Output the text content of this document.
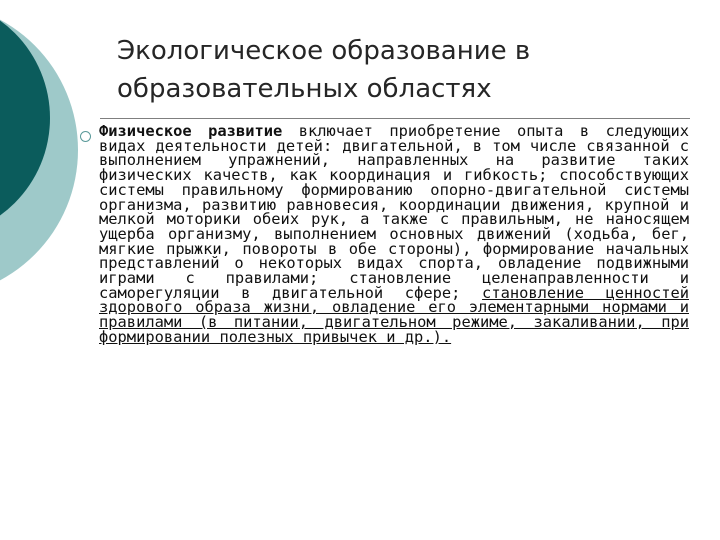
Экологическое образование в
образовательных областях
Физическое развитие включает приобретение опыта в следующих видах деятельности детей: двигательной, в том числе связанной с выполнением упражнений, направленных на развитие таких физических качеств, как координация и гибкость; способствующих системы правильному формированию опорно-двигательной системы организма, развитию равновесия, координации движения, крупной и мелкой моторики обеих рук, а также с правильным, не наносящем ущерба организму, выполнением основных движений (ходьба, бег, мягкие прыжки, повороты в обе стороны), формирование начальных представлений о некоторых видах спорта, овладение подвижными играми с правилами; становление целенаправленности и саморегуляции в двигательной сфере; становление ценностей здорового образа жизни, овладение его элементарными нормами и правилами (в питании, двигательном режиме, закаливании, при формировании полезных привычек и др.).
